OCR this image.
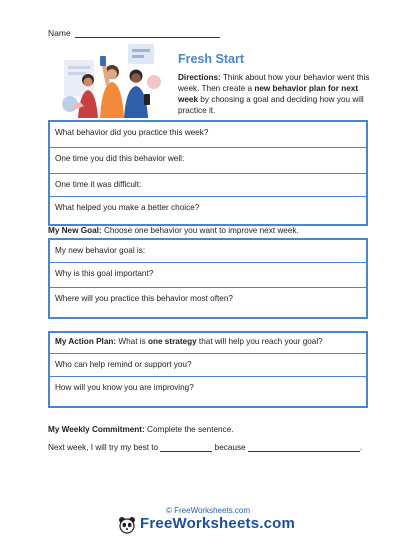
Name
Fresh Start
Directions: Think about how your behavior went this week. Then create a new behavior plan for next week by choosing a goal and deciding how you will practice it.
What behavior did you practice this week?
One time you did this behavior well:
One time it was difficult:
What helped you make a better choice?
My New Goal: Choose one behavior you want to improve next week.
My new behavior goal is:
Why is this goal important?
Where will you practice this behavior most often?
My Action Plan: What is one strategy that will help you reach your goal?
Who can help remind or support you?
How will you know you are improving?
My Weekly Commitment: Complete the sentence.
Next week, I will try my best to	because	.
© FreeWorksheets.com
FreeWorksheets.com
